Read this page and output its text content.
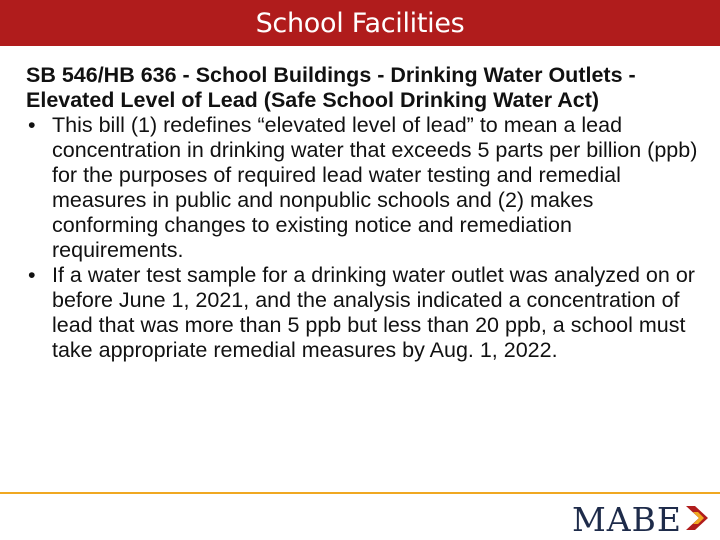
School Facilities

SB 546/HB 636 - School Buildings - Drinking Water Outlets - Elevated Level of Lead (Safe School Drinking Water Act)

• This bill (1) redefines “elevated level of lead” to mean a lead concentration in drinking water that exceeds 5 parts per billion (ppb) for the purposes of required lead water testing and remedial measures in public and nonpublic schools and (2) makes conforming changes to existing notice and remediation requirements.
• If a water test sample for a drinking water outlet was analyzed on or before June 1, 2021, and the analysis indicated a concentration of lead that was more than 5 ppb but less than 20 ppb, a school must take appropriate remedial measures by Aug. 1, 2022.
MABE
